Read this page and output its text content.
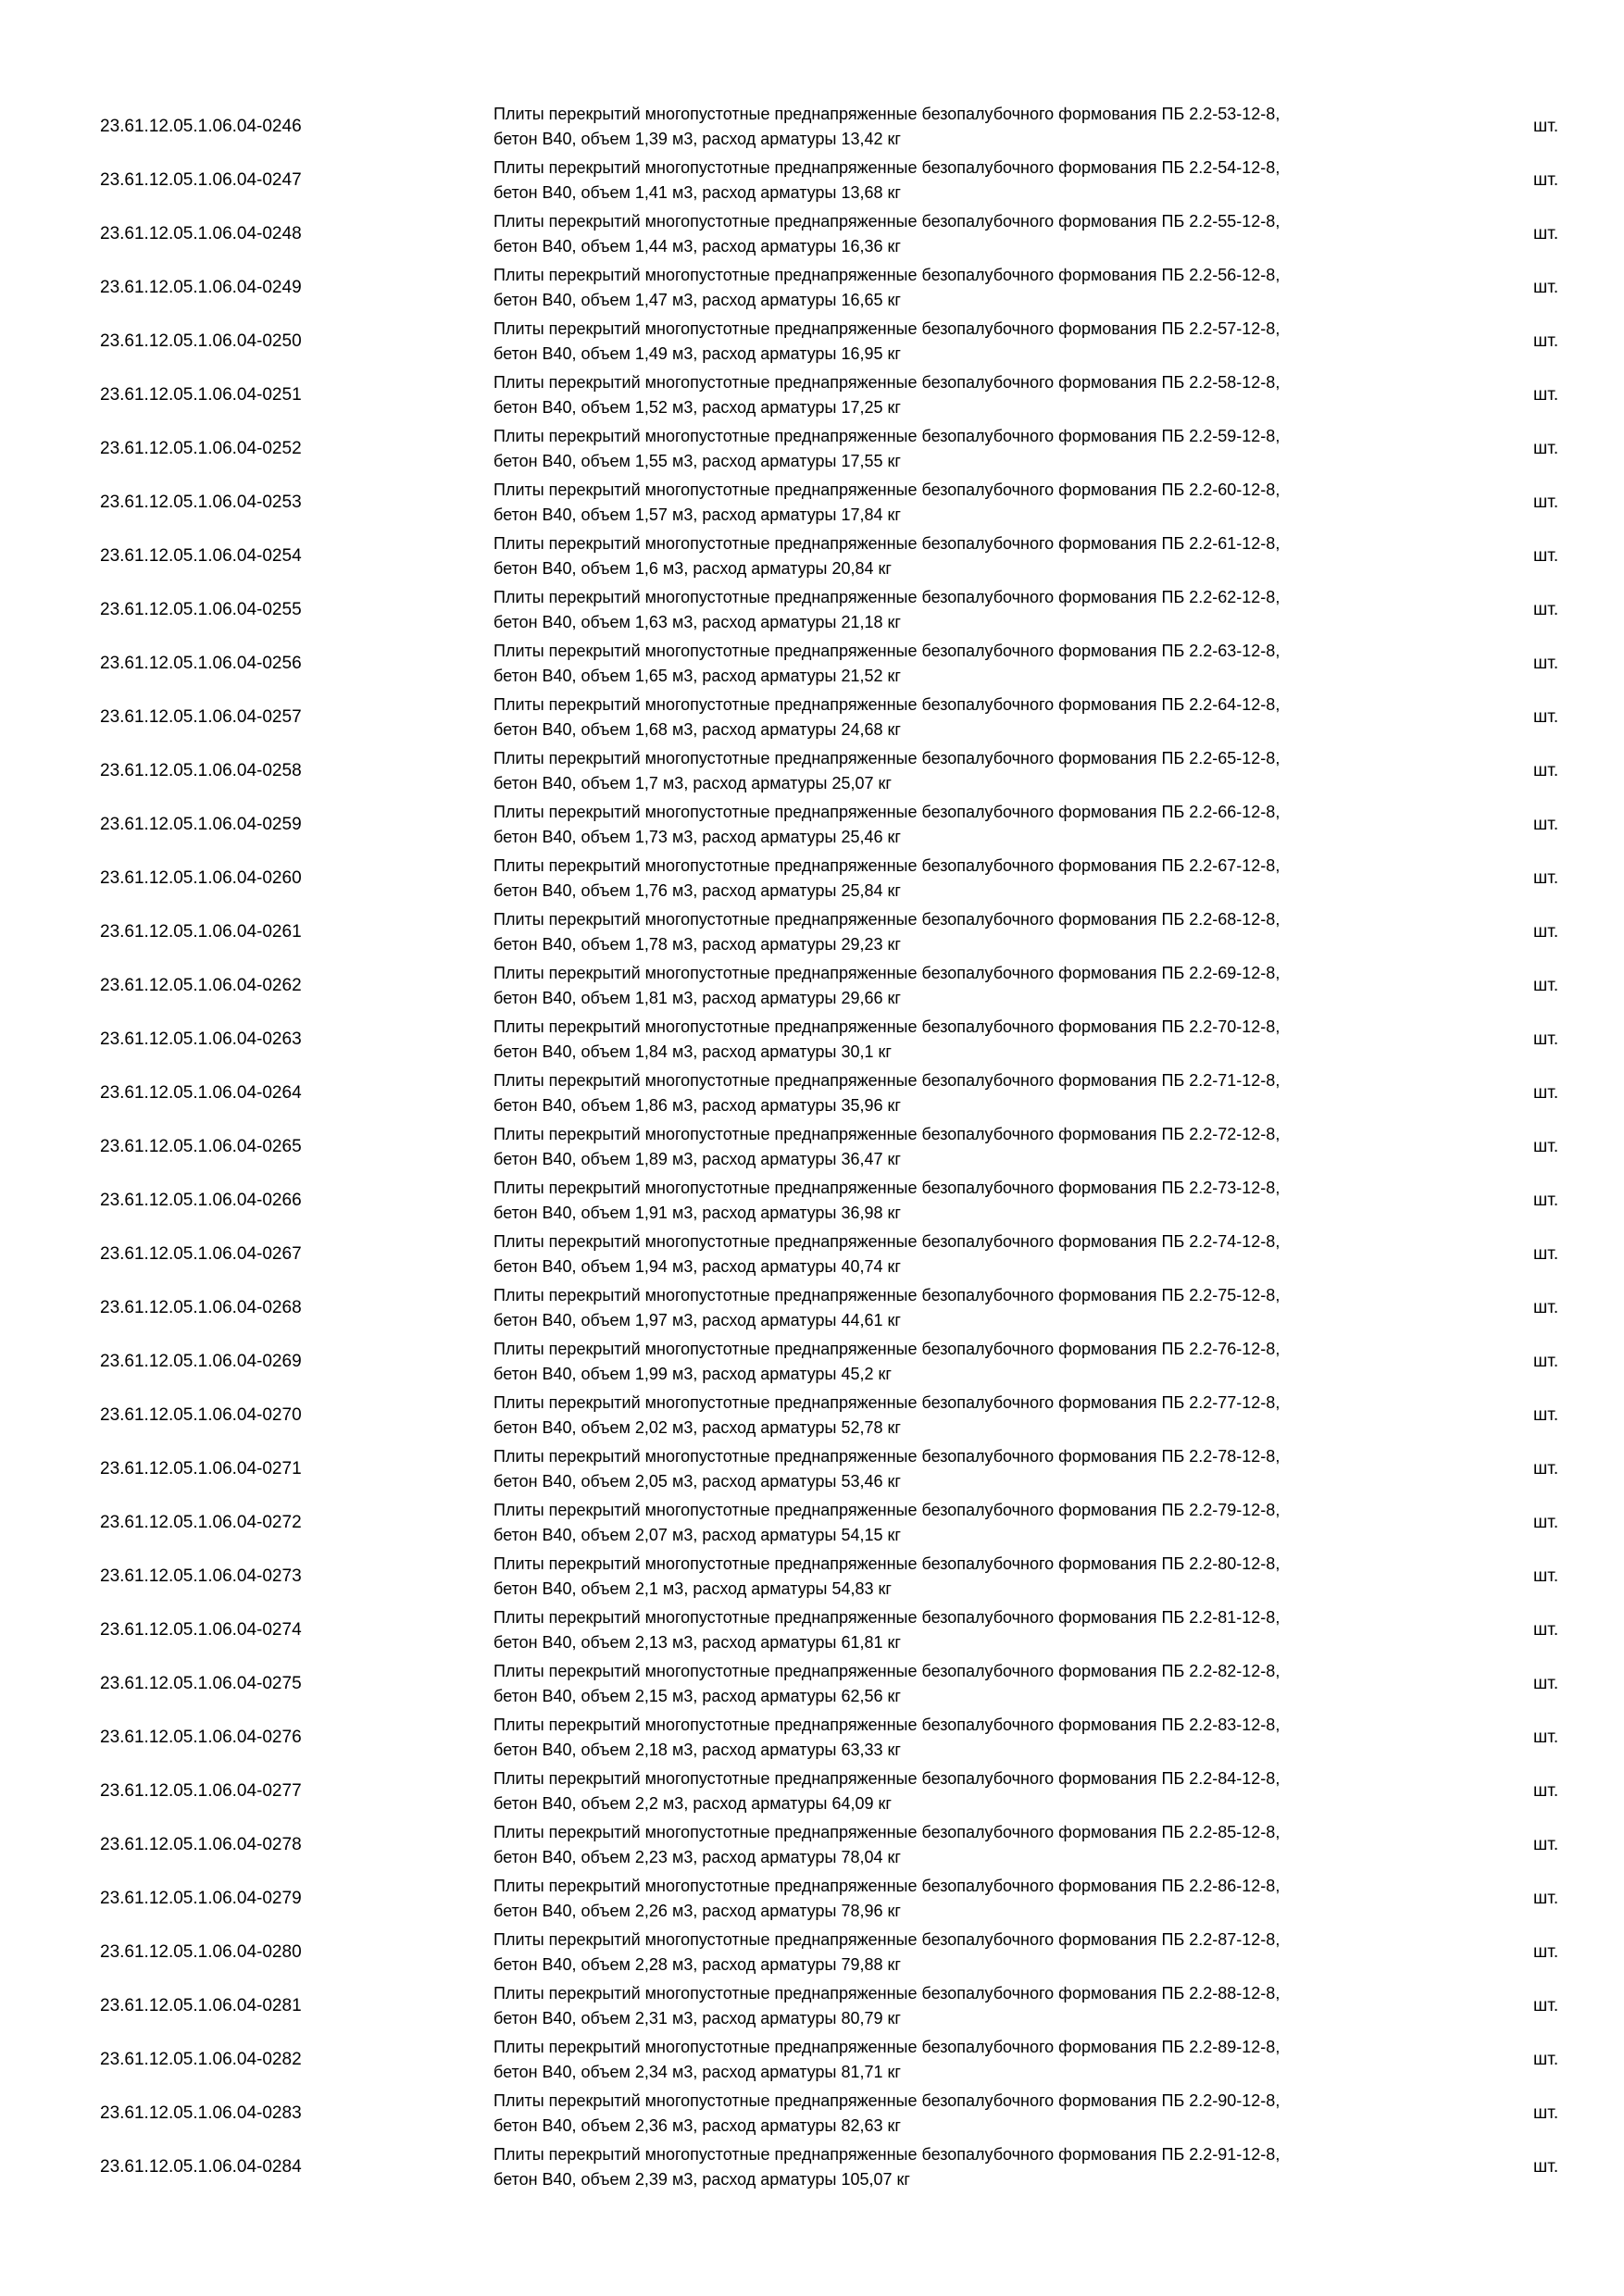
23.61.12.05.1.06.04-0246
Плиты перекрытий многопустотные преднапряженные безопалубочного формования ПБ 2.2-53-12-8,
бетон B40, объем 1,39 м3, расход арматуры 13,42 кг
шт.
23.61.12.05.1.06.04-0247
Плиты перекрытий многопустотные преднапряженные безопалубочного формования ПБ 2.2-54-12-8,
бетон B40, объем 1,41 м3, расход арматуры 13,68 кг
шт.
23.61.12.05.1.06.04-0248
Плиты перекрытий многопустотные преднапряженные безопалубочного формования ПБ 2.2-55-12-8,
бетон B40, объем 1,44 м3, расход арматуры 16,36 кг
шт.
23.61.12.05.1.06.04-0249
Плиты перекрытий многопустотные преднапряженные безопалубочного формования ПБ 2.2-56-12-8,
бетон B40, объем 1,47 м3, расход арматуры 16,65 кг
шт.
23.61.12.05.1.06.04-0250
Плиты перекрытий многопустотные преднапряженные безопалубочного формования ПБ 2.2-57-12-8,
бетон B40, объем 1,49 м3, расход арматуры 16,95 кг
шт.
23.61.12.05.1.06.04-0251
Плиты перекрытий многопустотные преднапряженные безопалубочного формования ПБ 2.2-58-12-8,
бетон B40, объем 1,52 м3, расход арматуры 17,25 кг
шт.
23.61.12.05.1.06.04-0252
Плиты перекрытий многопустотные преднапряженные безопалубочного формования ПБ 2.2-59-12-8,
бетон B40, объем 1,55 м3, расход арматуры 17,55 кг
шт.
23.61.12.05.1.06.04-0253
Плиты перекрытий многопустотные преднапряженные безопалубочного формования ПБ 2.2-60-12-8,
бетон B40, объем 1,57 м3, расход арматуры 17,84 кг
шт.
23.61.12.05.1.06.04-0254
Плиты перекрытий многопустотные преднапряженные безопалубочного формования ПБ 2.2-61-12-8,
бетон B40, объем 1,6 м3, расход арматуры 20,84 кг
шт.
23.61.12.05.1.06.04-0255
Плиты перекрытий многопустотные преднапряженные безопалубочного формования ПБ 2.2-62-12-8,
бетон B40, объем 1,63 м3, расход арматуры 21,18 кг
шт.
23.61.12.05.1.06.04-0256
Плиты перекрытий многопустотные преднапряженные безопалубочного формования ПБ 2.2-63-12-8,
бетон B40, объем 1,65 м3, расход арматуры 21,52 кг
шт.
23.61.12.05.1.06.04-0257
Плиты перекрытий многопустотные преднапряженные безопалубочного формования ПБ 2.2-64-12-8,
бетон B40, объем 1,68 м3, расход арматуры 24,68 кг
шт.
23.61.12.05.1.06.04-0258
Плиты перекрытий многопустотные преднапряженные безопалубочного формования ПБ 2.2-65-12-8,
бетон B40, объем 1,7 м3, расход арматуры 25,07 кг
шт.
23.61.12.05.1.06.04-0259
Плиты перекрытий многопустотные преднапряженные безопалубочного формования ПБ 2.2-66-12-8,
бетон B40, объем 1,73 м3, расход арматуры 25,46 кг
шт.
23.61.12.05.1.06.04-0260
Плиты перекрытий многопустотные преднапряженные безопалубочного формования ПБ 2.2-67-12-8,
бетон B40, объем 1,76 м3, расход арматуры 25,84 кг
шт.
23.61.12.05.1.06.04-0261
Плиты перекрытий многопустотные преднапряженные безопалубочного формования ПБ 2.2-68-12-8,
бетон B40, объем 1,78 м3, расход арматуры 29,23 кг
шт.
23.61.12.05.1.06.04-0262
Плиты перекрытий многопустотные преднапряженные безопалубочного формования ПБ 2.2-69-12-8,
бетон B40, объем 1,81 м3, расход арматуры 29,66 кг
шт.
23.61.12.05.1.06.04-0263
Плиты перекрытий многопустотные преднапряженные безопалубочного формования ПБ 2.2-70-12-8,
бетон B40, объем 1,84 м3, расход арматуры 30,1 кг
шт.
23.61.12.05.1.06.04-0264
Плиты перекрытий многопустотные преднапряженные безопалубочного формования ПБ 2.2-71-12-8,
бетон B40, объем 1,86 м3, расход арматуры 35,96 кг
шт.
23.61.12.05.1.06.04-0265
Плиты перекрытий многопустотные преднапряженные безопалубочного формования ПБ 2.2-72-12-8,
бетон B40, объем 1,89 м3, расход арматуры 36,47 кг
шт.
23.61.12.05.1.06.04-0266
Плиты перекрытий многопустотные преднапряженные безопалубочного формования ПБ 2.2-73-12-8,
бетон B40, объем 1,91 м3, расход арматуры 36,98 кг
шт.
23.61.12.05.1.06.04-0267
Плиты перекрытий многопустотные преднапряженные безопалубочного формования ПБ 2.2-74-12-8,
бетон B40, объем 1,94 м3, расход арматуры 40,74 кг
шт.
23.61.12.05.1.06.04-0268
Плиты перекрытий многопустотные преднапряженные безопалубочного формования ПБ 2.2-75-12-8,
бетон B40, объем 1,97 м3, расход арматуры 44,61 кг
шт.
23.61.12.05.1.06.04-0269
Плиты перекрытий многопустотные преднапряженные безопалубочного формования ПБ 2.2-76-12-8,
бетон B40, объем 1,99 м3, расход арматуры 45,2 кг
шт.
23.61.12.05.1.06.04-0270
Плиты перекрытий многопустотные преднапряженные безопалубочного формования ПБ 2.2-77-12-8,
бетон B40, объем 2,02 м3, расход арматуры 52,78 кг
шт.
23.61.12.05.1.06.04-0271
Плиты перекрытий многопустотные преднапряженные безопалубочного формования ПБ 2.2-78-12-8,
бетон B40, объем 2,05 м3, расход арматуры 53,46 кг
шт.
23.61.12.05.1.06.04-0272
Плиты перекрытий многопустотные преднапряженные безопалубочного формования ПБ 2.2-79-12-8,
бетон B40, объем 2,07 м3, расход арматуры 54,15 кг
шт.
23.61.12.05.1.06.04-0273
Плиты перекрытий многопустотные преднапряженные безопалубочного формования ПБ 2.2-80-12-8,
бетон B40, объем 2,1 м3, расход арматуры 54,83 кг
шт.
23.61.12.05.1.06.04-0274
Плиты перекрытий многопустотные преднапряженные безопалубочного формования ПБ 2.2-81-12-8,
бетон B40, объем 2,13 м3, расход арматуры 61,81 кг
шт.
23.61.12.05.1.06.04-0275
Плиты перекрытий многопустотные преднапряженные безопалубочного формования ПБ 2.2-82-12-8,
бетон B40, объем 2,15 м3, расход арматуры 62,56 кг
шт.
23.61.12.05.1.06.04-0276
Плиты перекрытий многопустотные преднапряженные безопалубочного формования ПБ 2.2-83-12-8,
бетон B40, объем 2,18 м3, расход арматуры 63,33 кг
шт.
23.61.12.05.1.06.04-0277
Плиты перекрытий многопустотные преднапряженные безопалубочного формования ПБ 2.2-84-12-8,
бетон B40, объем 2,2 м3, расход арматуры 64,09 кг
шт.
23.61.12.05.1.06.04-0278
Плиты перекрытий многопустотные преднапряженные безопалубочного формования ПБ 2.2-85-12-8,
бетон B40, объем 2,23 м3, расход арматуры 78,04 кг
шт.
23.61.12.05.1.06.04-0279
Плиты перекрытий многопустотные преднапряженные безопалубочного формования ПБ 2.2-86-12-8,
бетон B40, объем 2,26 м3, расход арматуры 78,96 кг
шт.
23.61.12.05.1.06.04-0280
Плиты перекрытий многопустотные преднапряженные безопалубочного формования ПБ 2.2-87-12-8,
бетон B40, объем 2,28 м3, расход арматуры 79,88 кг
шт.
23.61.12.05.1.06.04-0281
Плиты перекрытий многопустотные преднапряженные безопалубочного формования ПБ 2.2-88-12-8,
бетон B40, объем 2,31 м3, расход арматуры 80,79 кг
шт.
23.61.12.05.1.06.04-0282
Плиты перекрытий многопустотные преднапряженные безопалубочного формования ПБ 2.2-89-12-8,
бетон B40, объем 2,34 м3, расход арматуры 81,71 кг
шт.
23.61.12.05.1.06.04-0283
Плиты перекрытий многопустотные преднапряженные безопалубочного формования ПБ 2.2-90-12-8,
бетон B40, объем 2,36 м3, расход арматуры 82,63 кг
шт.
23.61.12.05.1.06.04-0284
Плиты перекрытий многопустотные преднапряженные безопалубочного формования ПБ 2.2-91-12-8,
бетон B40, объем 2,39 м3, расход арматуры 105,07 кг
шт.
